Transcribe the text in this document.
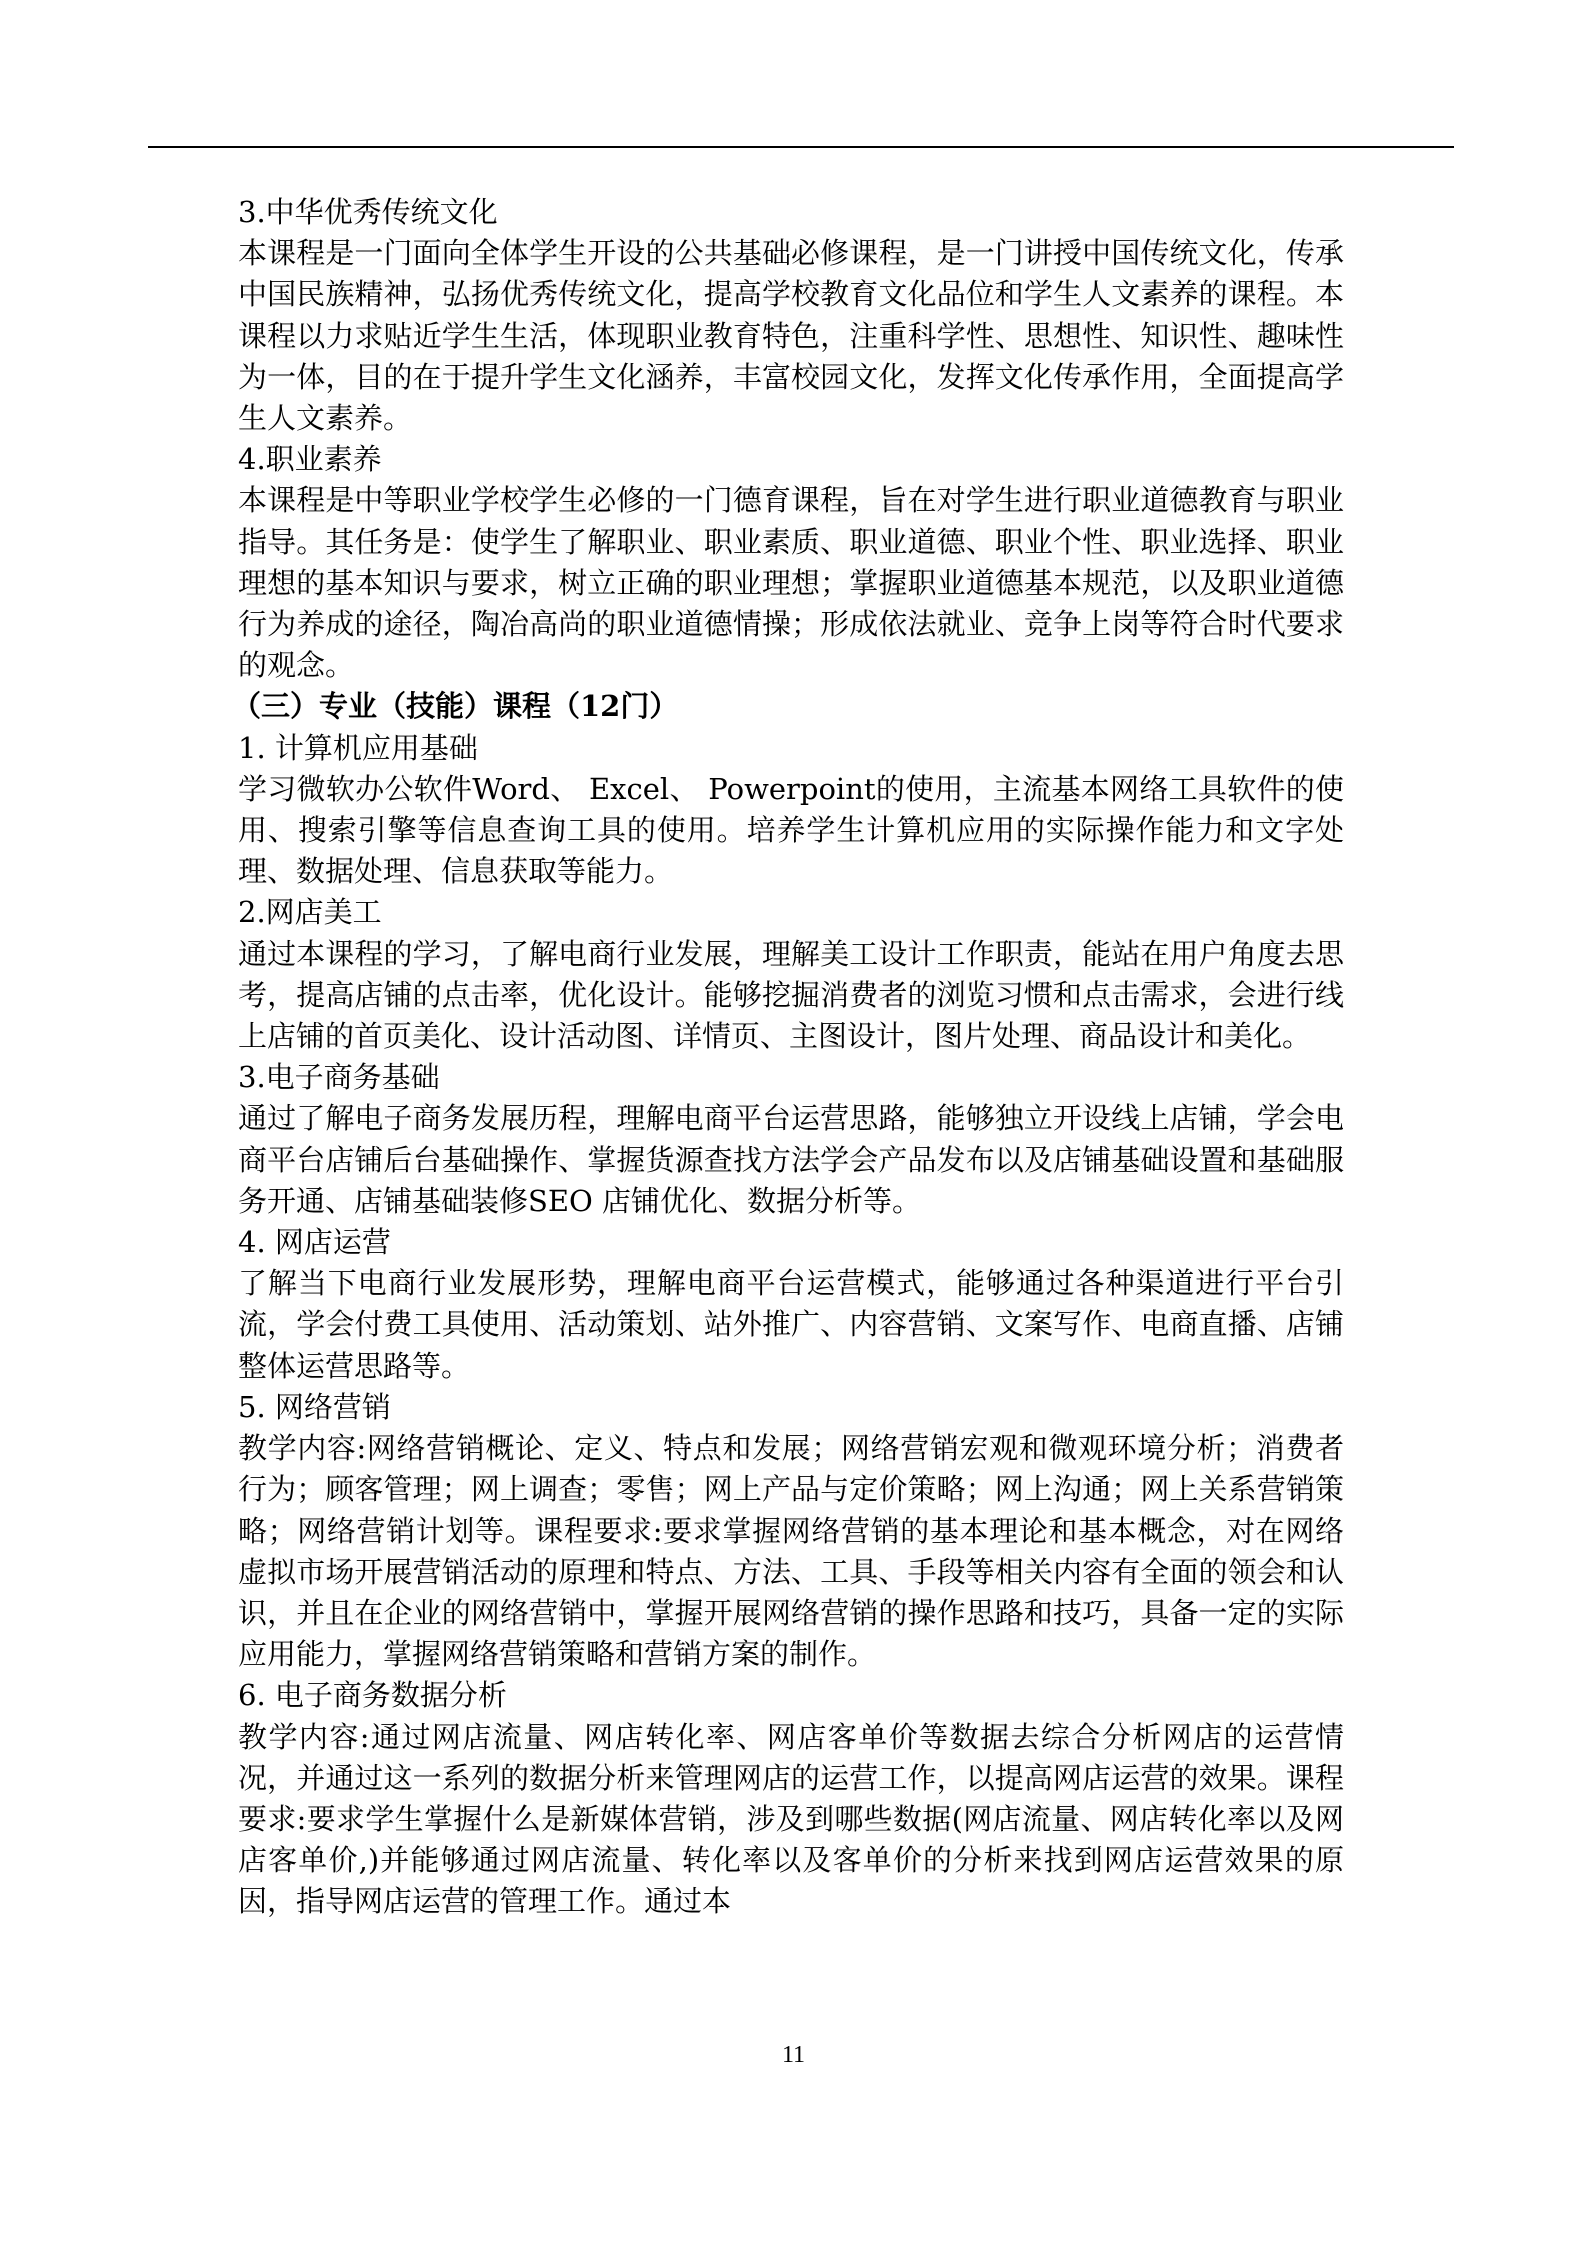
3.中华优秀传统文化

本课程是一门面向全体学生开设的公共基础必修课程，是一门讲授中国传统文化，传承中国民族精神，弘扬优秀传统文化，提高学校教育文化品位和学生人文素养的课程。本课程以力求贴近学生生活，体现职业教育特色，注重科学性、思想性、知识性、趣味性为一体，目的在于提升学生文化涵养，丰富校园文化，发挥文化传承作用，全面提高学生人文素养。

4.职业素养

本课程是中等职业学校学生必修的一门德育课程，旨在对学生进行职业道德教育与职业指导。其任务是：使学生了解职业、职业素质、职业道德、职业个性、职业选择、职业理想的基本知识与要求，树立正确的职业理想；掌握职业道德基本规范，以及职业道德行为养成的途径，陶冶高尚的职业道德情操；形成依法就业、竞争上岗等符合时代要求的观念。

（三）专业（技能）课程（12门）

1. 计算机应用基础

学习微软办公软件Word、 Excel、 Powerpoint的使用，主流基本网络工具软件的使用、搜索引擎等信息查询工具的使用。培养学生计算机应用的实际操作能力和文字处理、数据处理、信息获取等能力。

2.网店美工

通过本课程的学习，了解电商行业发展，理解美工设计工作职责，能站在用户角度去思考，提高店铺的点击率，优化设计。能够挖掘消费者的浏览习惯和点击需求，会进行线上店铺的首页美化、设计活动图、详情页、主图设计，图片处理、商品设计和美化。

3.电子商务基础

通过了解电子商务发展历程，理解电商平台运营思路，能够独立开设线上店铺，学会电商平台店铺后台基础操作、掌握货源查找方法学会产品发布以及店铺基础设置和基础服务开通、店铺基础装修SEO 店铺优化、数据分析等。

4. 网店运营

了解当下电商行业发展形势，理解电商平台运营模式，能够通过各种渠道进行平台引流，学会付费工具使用、活动策划、站外推广、内容营销、文案写作、电商直播、店铺整体运营思路等。

5. 网络营销

教学内容:网络营销概论、定义、特点和发展；网络营销宏观和微观环境分析；消费者行为；顾客管理；网上调查；零售；网上产品与定价策略；网上沟通；网上关系营销策略；网络营销计划等。课程要求:要求掌握网络营销的基本理论和基本概念，对在网络虚拟市场开展营销活动的原理和特点、方法、工具、手段等相关内容有全面的领会和认识，并且在企业的网络营销中，掌握开展网络营销的操作思路和技巧，具备一定的实际应用能力，掌握网络营销策略和营销方案的制作。

6. 电子商务数据分析

教学内容:通过网店流量、网店转化率、网店客单价等数据去综合分析网店的运营情况，并通过这一系列的数据分析来管理网店的运营工作，以提高网店运营的效果。课程要求:要求学生掌握什么是新媒体营销，涉及到哪些数据(网店流量、网店转化率以及网店客单价,)并能够通过网店流量、转化率以及客单价的分析来找到网店运营效果的原因，指导网店运营的管理工作。通过本

11
